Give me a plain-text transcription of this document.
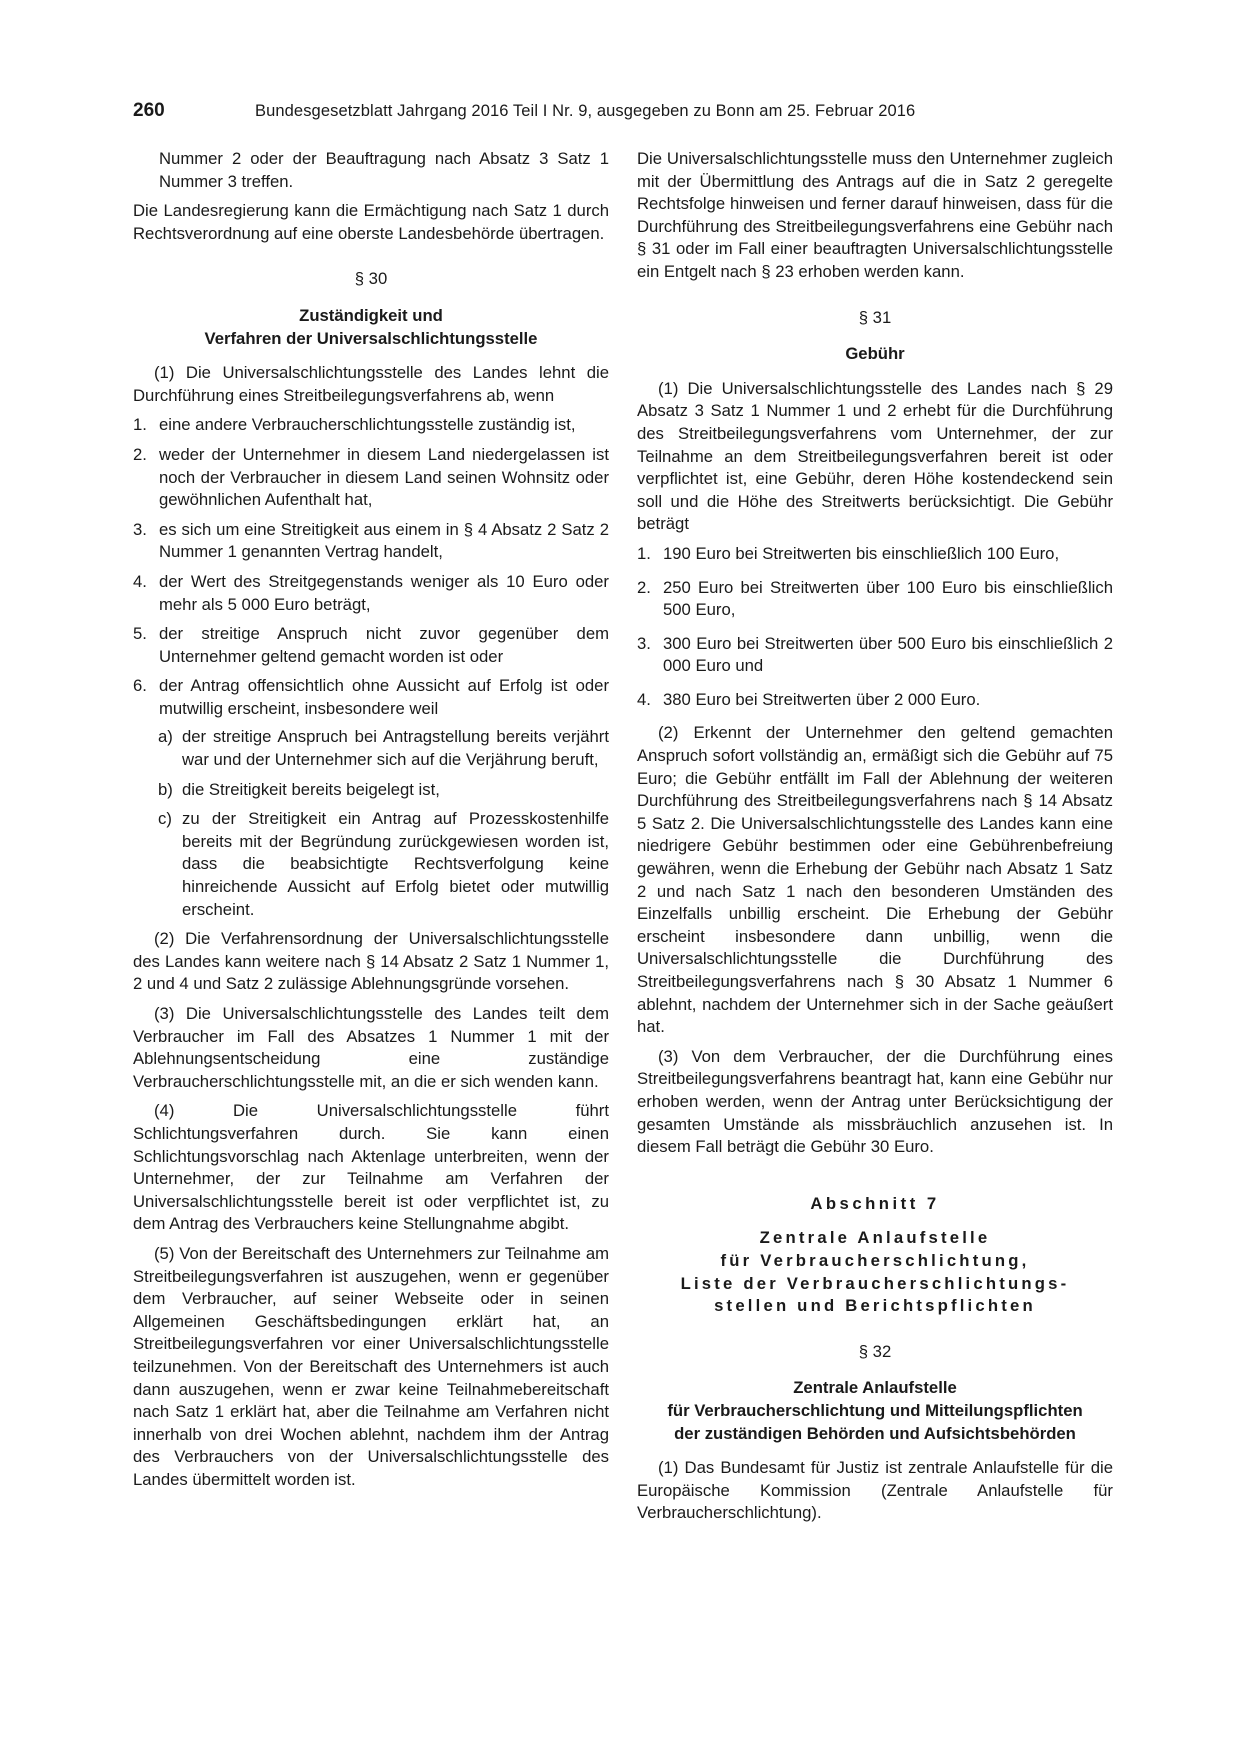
260	Bundesgesetzblatt Jahrgang 2016 Teil I Nr. 9, ausgegeben zu Bonn am 25. Februar 2016

Nummer 2 oder der Beauftragung nach Absatz 3 Satz 1 Nummer 3 treffen.

Die Landesregierung kann die Ermächtigung nach Satz 1 durch Rechtsverordnung auf eine oberste Landesbehörde übertragen.

§ 30
Zuständigkeit und
Verfahren der Universalschlichtungsstelle

(1) Die Universalschlichtungsstelle des Landes lehnt die Durchführung eines Streitbeilegungsverfahrens ab, wenn

1. eine andere Verbraucherschlichtungsstelle zuständig ist,
2. weder der Unternehmer in diesem Land niedergelassen ist noch der Verbraucher in diesem Land seinen Wohnsitz oder gewöhnlichen Aufenthalt hat,
3. es sich um eine Streitigkeit aus einem in § 4 Absatz 2 Satz 2 Nummer 1 genannten Vertrag handelt,
4. der Wert des Streitgegenstands weniger als 10 Euro oder mehr als 5 000 Euro beträgt,
5. der streitige Anspruch nicht zuvor gegenüber dem Unternehmer geltend gemacht worden ist oder
6. der Antrag offensichtlich ohne Aussicht auf Erfolg ist oder mutwillig erscheint, insbesondere weil
a) der streitige Anspruch bei Antragstellung bereits verjährt war und der Unternehmer sich auf die Verjährung beruft,
b) die Streitigkeit bereits beigelegt ist,
c) zu der Streitigkeit ein Antrag auf Prozesskostenhilfe bereits mit der Begründung zurückgewiesen worden ist, dass die beabsichtigte Rechtsverfolgung keine hinreichende Aussicht auf Erfolg bietet oder mutwillig erscheint.

(2) Die Verfahrensordnung der Universalschlichtungsstelle des Landes kann weitere nach § 14 Absatz 2 Satz 1 Nummer 1, 2 und 4 und Satz 2 zulässige Ablehnungsgründe vorsehen.

(3) Die Universalschlichtungsstelle des Landes teilt dem Verbraucher im Fall des Absatzes 1 Nummer 1 mit der Ablehnungsentscheidung eine zuständige Verbraucherschlichtungsstelle mit, an die er sich wenden kann.

(4) Die Universalschlichtungsstelle führt Schlichtungsverfahren durch. Sie kann einen Schlichtungsvorschlag nach Aktenlage unterbreiten, wenn der Unternehmer, der zur Teilnahme am Verfahren der Universalschlichtungsstelle bereit ist oder verpflichtet ist, zu dem Antrag des Verbrauchers keine Stellungnahme abgibt.

(5) Von der Bereitschaft des Unternehmers zur Teilnahme am Streitbeilegungsverfahren ist auszugehen, wenn er gegenüber dem Verbraucher, auf seiner Webseite oder in seinen Allgemeinen Geschäftsbedingungen erklärt hat, an Streitbeilegungsverfahren vor einer Universalschlichtungsstelle teilzunehmen. Von der Bereitschaft des Unternehmers ist auch dann auszugehen, wenn er zwar keine Teilnahmebereitschaft nach Satz 1 erklärt hat, aber die Teilnahme am Verfahren nicht innerhalb von drei Wochen ablehnt, nachdem ihm der Antrag des Verbrauchers von der Universalschlichtungsstelle des Landes übermittelt worden ist.

Die Universalschlichtungsstelle muss den Unternehmer zugleich mit der Übermittlung des Antrags auf die in Satz 2 geregelte Rechtsfolge hinweisen und ferner darauf hinweisen, dass für die Durchführung des Streitbeilegungsverfahrens eine Gebühr nach § 31 oder im Fall einer beauftragten Universalschlichtungsstelle ein Entgelt nach § 23 erhoben werden kann.

§ 31
Gebühr

(1) Die Universalschlichtungsstelle des Landes nach § 29 Absatz 3 Satz 1 Nummer 1 und 2 erhebt für die Durchführung des Streitbeilegungsverfahrens vom Unternehmer, der zur Teilnahme an dem Streitbeilegungsverfahren bereit ist oder verpflichtet ist, eine Gebühr, deren Höhe kostendeckend sein soll und die Höhe des Streitwerts berücksichtigt. Die Gebühr beträgt

1. 190 Euro bei Streitwerten bis einschließlich 100 Euro,
2. 250 Euro bei Streitwerten über 100 Euro bis einschließlich 500 Euro,
3. 300 Euro bei Streitwerten über 500 Euro bis einschließlich 2 000 Euro und
4. 380 Euro bei Streitwerten über 2 000 Euro.

(2) Erkennt der Unternehmer den geltend gemachten Anspruch sofort vollständig an, ermäßigt sich die Gebühr auf 75 Euro; die Gebühr entfällt im Fall der Ablehnung der weiteren Durchführung des Streitbeilegungsverfahrens nach § 14 Absatz 5 Satz 2. Die Universalschlichtungsstelle des Landes kann eine niedrigere Gebühr bestimmen oder eine Gebührenbefreiung gewähren, wenn die Erhebung der Gebühr nach Absatz 1 Satz 2 und nach Satz 1 nach den besonderen Umständen des Einzelfalls unbillig erscheint. Die Erhebung der Gebühr erscheint insbesondere dann unbillig, wenn die Universalschlichtungsstelle die Durchführung des Streitbeilegungsverfahrens nach § 30 Absatz 1 Nummer 6 ablehnt, nachdem der Unternehmer sich in der Sache geäußert hat.

(3) Von dem Verbraucher, der die Durchführung eines Streitbeilegungsverfahrens beantragt hat, kann eine Gebühr nur erhoben werden, wenn der Antrag unter Berücksichtigung der gesamten Umstände als missbräuchlich anzusehen ist. In diesem Fall beträgt die Gebühr 30 Euro.

Abschnitt 7
Zentrale Anlaufstelle
für Verbraucherschlichtung,
Liste der Verbraucherschlichtungs-
stellen und Berichtspflichten
§ 32
Zentrale Anlaufstelle
für Verbraucherschlichtung und Mitteilungspflichten
der zuständigen Behörden und Aufsichtsbehörden

(1) Das Bundesamt für Justiz ist zentrale Anlaufstelle für die Europäische Kommission (Zentrale Anlaufstelle für Verbraucherschlichtung).
